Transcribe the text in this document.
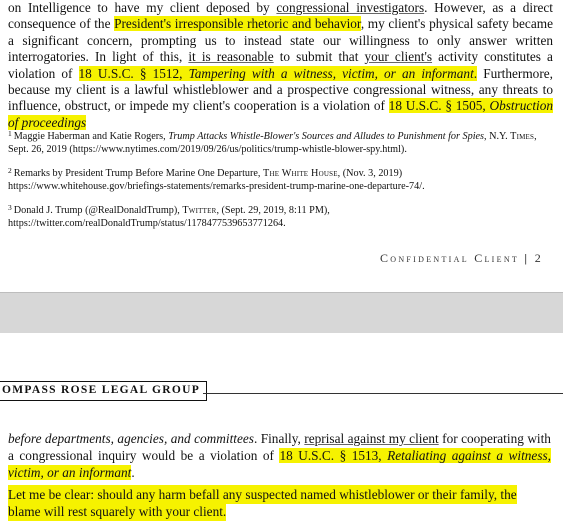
on Intelligence to have my client deposed by congressional investigators. However, as a direct consequence of the President's irresponsible rhetoric and behavior, my client's physical safety became a significant concern, prompting us to instead state our willingness to only answer written interrogatories. In light of this, it is reasonable to submit that your client's activity constitutes a violation of 18 U.S.C. § 1512, Tampering with a witness, victim, or an informant. Furthermore, because my client is a lawful whistleblower and a prospective congressional witness, any threats to influence, obstruct, or impede my client's cooperation is a violation of 18 U.S.C. § 1505, Obstruction of proceedings

$^1$ Maggie Haberman and Katie Rogers, Trump Attacks Whistle-Blower's Sources and Alludes to Punishment for Spies, N.Y. Times, Sept. 26, 2019 (https://www.nytimes.com/2019/09/26/us/politics/trump-whistle-blower-spy.html).

$^2$ Remarks by President Trump Before Marine One Departure, The White House, (Nov. 3, 2019) https://www.whitehouse.gov/briefings-statements/remarks-president-trump-marine-one-departure-74/.

$^3$ Donald J. Trump (@RealDonaldTrump), Twitter, (Sept. 29, 2019, 8:11 PM), https://twitter.com/realDonaldTrump/status/1178477539653771264.

Confidential Client | 2
OMPASS ROSE LEGAL GROUP

before departments, agencies, and committees. Finally, reprisal against my client for cooperating with a congressional inquiry would be a violation of 18 U.S.C. § 1513, Retaliating against a witness, victim, or an informant.

Let me be clear: should any harm befall any suspected named whistleblower or their family, the blame will rest squarely with your client.
